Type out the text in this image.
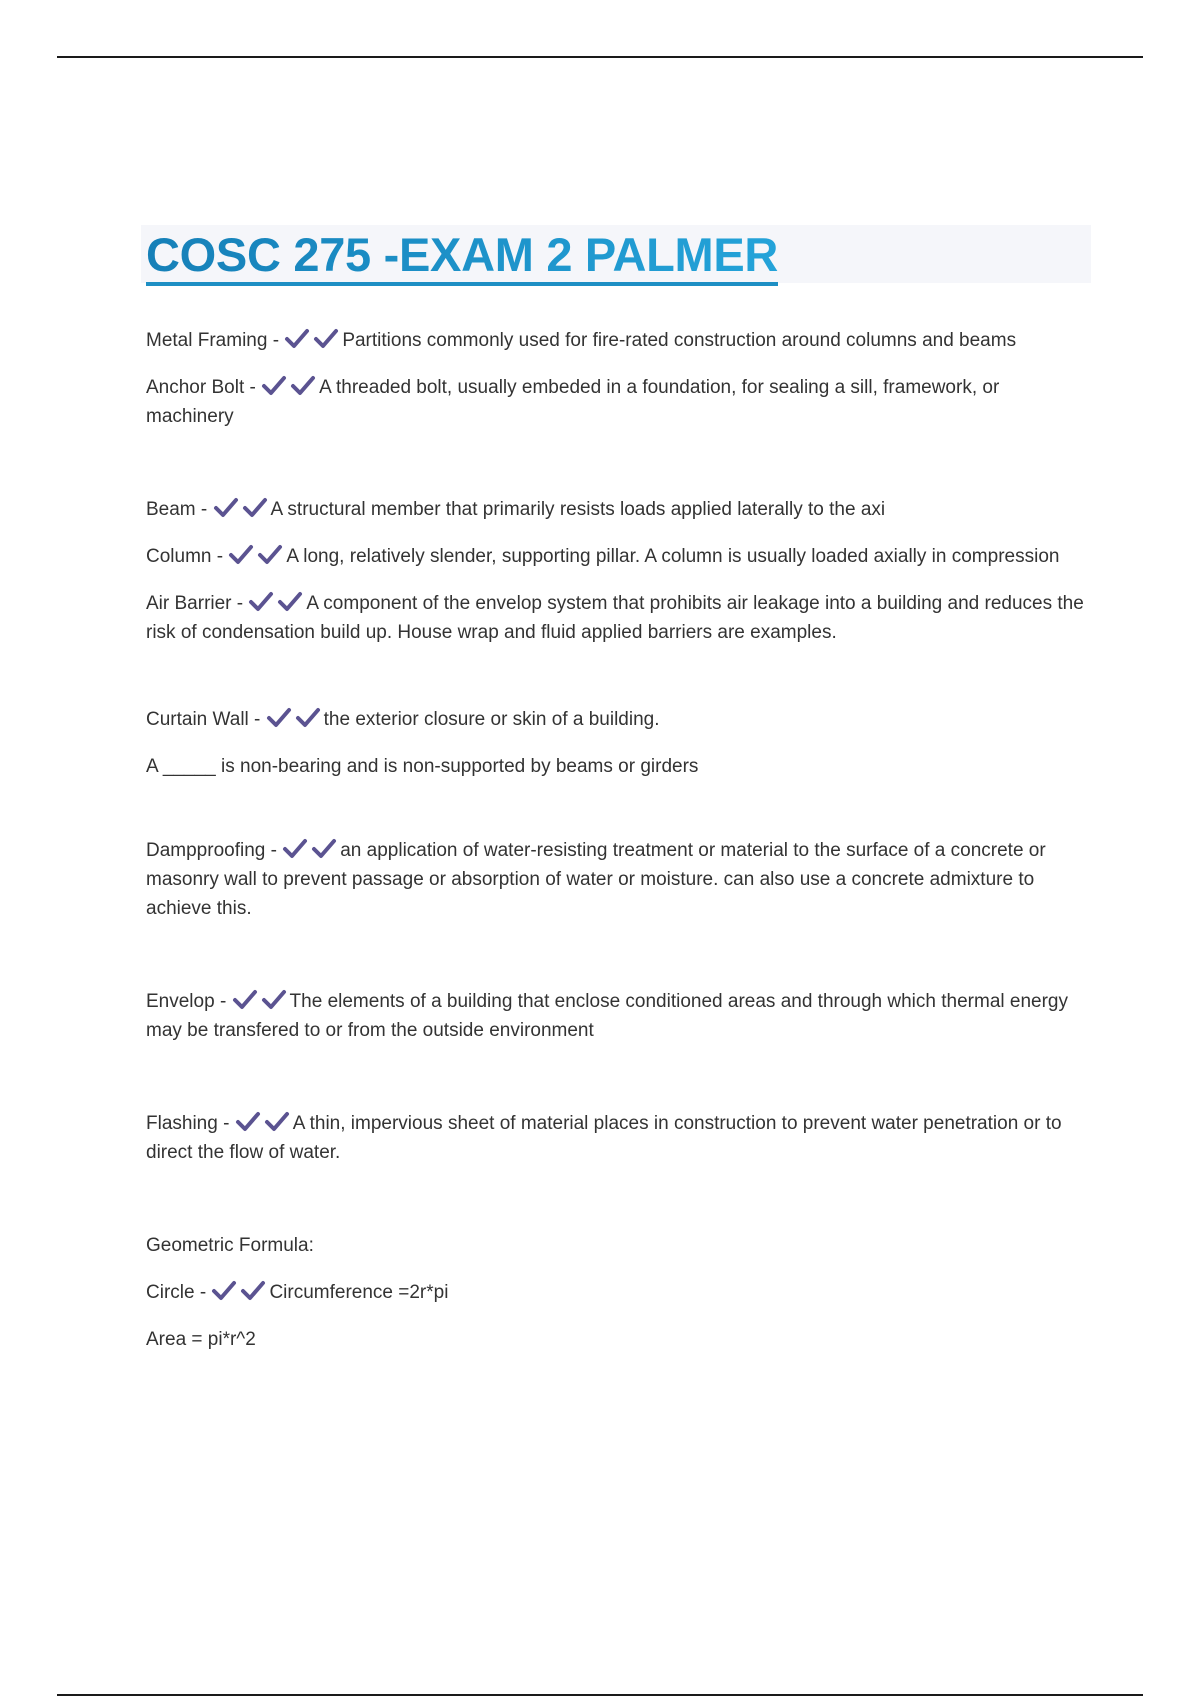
COSC 275 -EXAM 2 PALMER

Metal Framing -	Partitions commonly used for fire-rated construction around columns and beams

Anchor Bolt -	A threaded bolt, usually embeded in a foundation, for sealing a sill, framework, or machinery

Beam -	A structural member that primarily resists loads applied laterally to the axi

Column -	A long, relatively slender, supporting pillar. A column is usually loaded axially in compression

Air Barrier -	A component of the envelop system that prohibits air leakage into a building and reduces the risk of condensation build up. House wrap and fluid applied barriers are examples.

Curtain Wall -	the exterior closure or skin of a building.

A _____ is non-bearing and is non-supported by beams or girders

Dampproofing -	an application of water-resisting treatment or material to the surface of a concrete or masonry wall to prevent passage or absorption of water or moisture. can also use a concrete admixture to achieve this.

Envelop -	The elements of a building that enclose conditioned areas and through which thermal energy may be transfered to or from the outside environment

Flashing -	A thin, impervious sheet of material places in construction to prevent water penetration or to direct the flow of water.

Geometric Formula:

Circle -	Circumference =2r*pi

Area = pi*r^2
